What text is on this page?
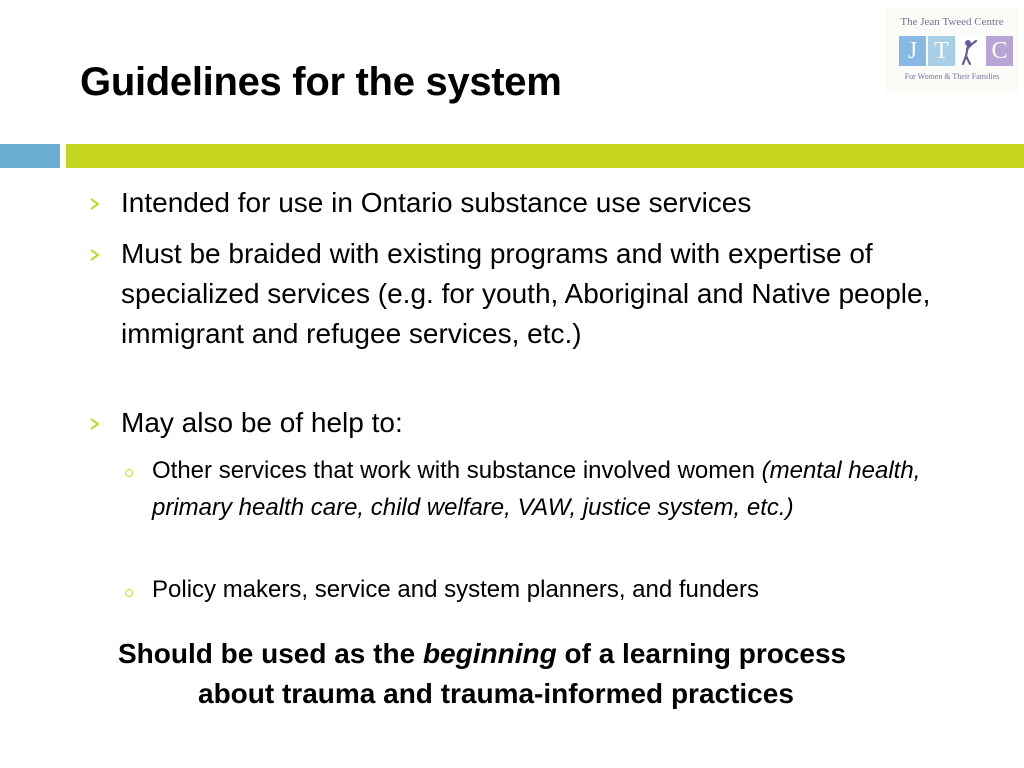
Guidelines for the system
The Jean Tweed Centre
J T C
For Women & Their Families

Intended for use in Ontario substance use services

Must be braided with existing programs and with expertise of specialized services (e.g. for youth, Aboriginal and Native people, immigrant and refugee services, etc.)

May also be of help to:

Other services that work with substance involved women (mental health, primary health care, child welfare, VAW, justice system, etc.)

Policy makers, service and system planners, and funders

Should be used as the beginning of a learning process
about trauma and trauma-informed practices
